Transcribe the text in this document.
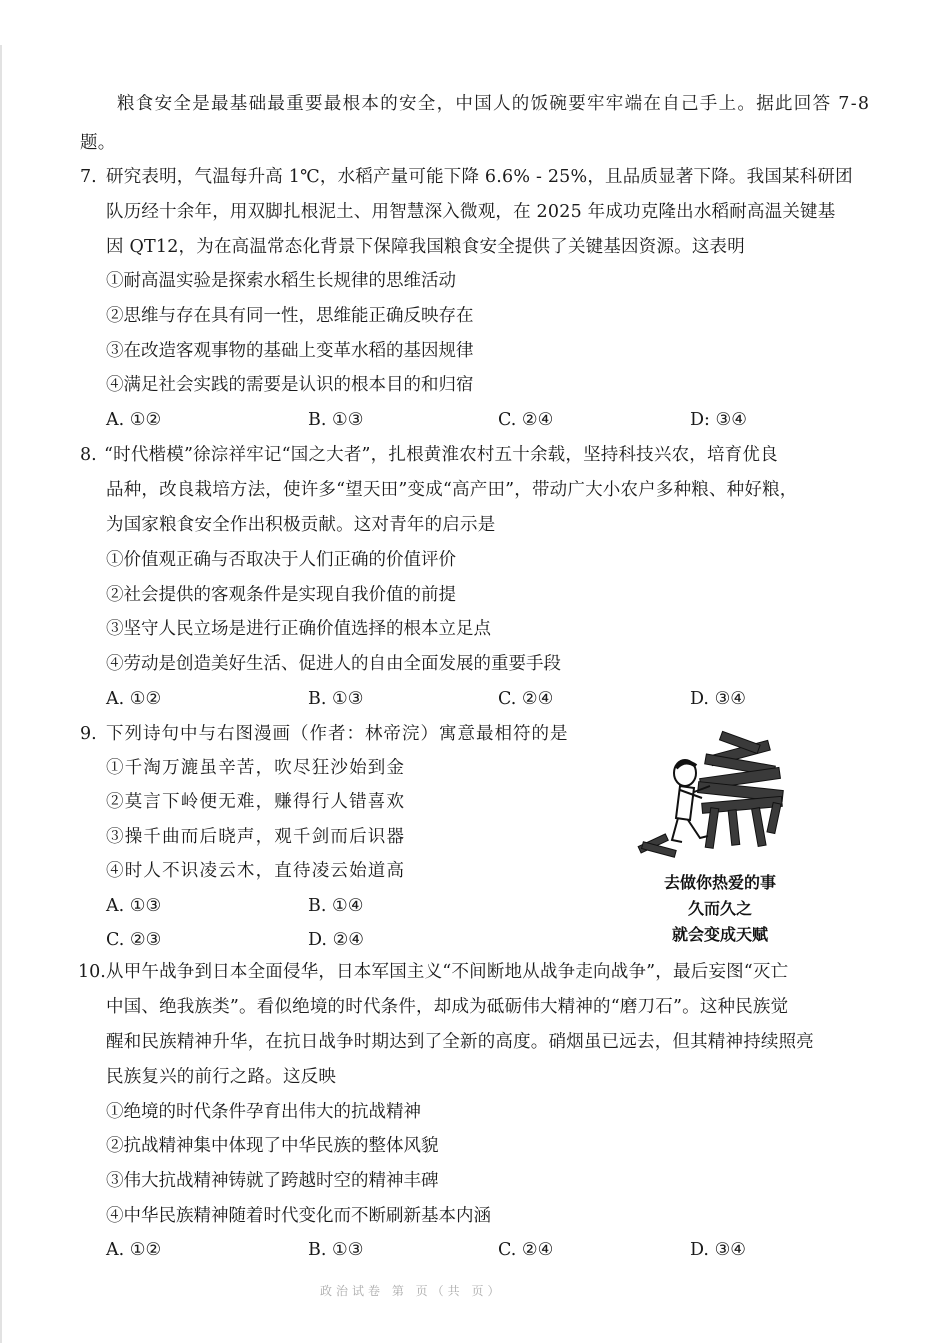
粮食安全是最基础最重要最根本的安全，中国人的饭碗要牢牢端在自己手上。据此回答 7-8
题。
7. 研究表明，气温每升高 1℃，水稻产量可能下降 6.6% - 25%，且品质显著下降。我国某科研团
队历经十余年，用双脚扎根泥土、用智慧深入微观，在 2025 年成功克隆出水稻耐高温关键基
因 QT12，为在高温常态化背景下保障我国粮食安全提供了关键基因资源。这表明
①耐高温实验是探索水稻生长规律的思维活动
②思维与存在具有同一性，思维能正确反映存在
③在改造客观事物的基础上变革水稻的基因规律
④满足社会实践的需要是认识的根本目的和归宿
A. ①②	B. ①③	C. ②④	D: ③④
8. “时代楷模”徐淙祥牢记“国之大者”，扎根黄淮农村五十余载，坚持科技兴农，培育优良
品种，改良栽培方法，使许多“望天田”变成“高产田”，带动广大小农户多种粮、种好粮，
为国家粮食安全作出积极贡献。这对青年的启示是
①价值观正确与否取决于人们正确的价值评价
②社会提供的客观条件是实现自我价值的前提
③坚守人民立场是进行正确价值选择的根本立足点
④劳动是创造美好生活、促进人的自由全面发展的重要手段
A. ①②	B. ①③	C. ②④	D. ③④
9. 下列诗句中与右图漫画（作者：林帝浣）寓意最相符的是
①千淘万漉虽辛苦，吹尽狂沙始到金
②莫言下岭便无难，赚得行人错喜欢
③操千曲而后晓声，观千剑而后识器
④时人不识凌云木，直待凌云始道高
A. ①③	B. ①④
C. ②③	D. ②④
去做你热爱的事
久而久之
就会变成天赋
10. 从甲午战争到日本全面侵华，日本军国主义“不间断地从战争走向战争”，最后妄图“灭亡
中国、绝我族类”。看似绝境的时代条件，却成为砥砺伟大精神的“磨刀石”。这种民族觉
醒和民族精神升华，在抗日战争时期达到了全新的高度。硝烟虽已远去，但其精神持续照亮
民族复兴的前行之路。这反映
①绝境的时代条件孕育出伟大的抗战精神
②抗战精神集中体现了中华民族的整体风貌
③伟大抗战精神铸就了跨越时空的精神丰碑
④中华民族精神随着时代变化而不断刷新基本内涵
A. ①②	B. ①③	C. ②④	D. ③④
政治试卷 第 页（共 页）
